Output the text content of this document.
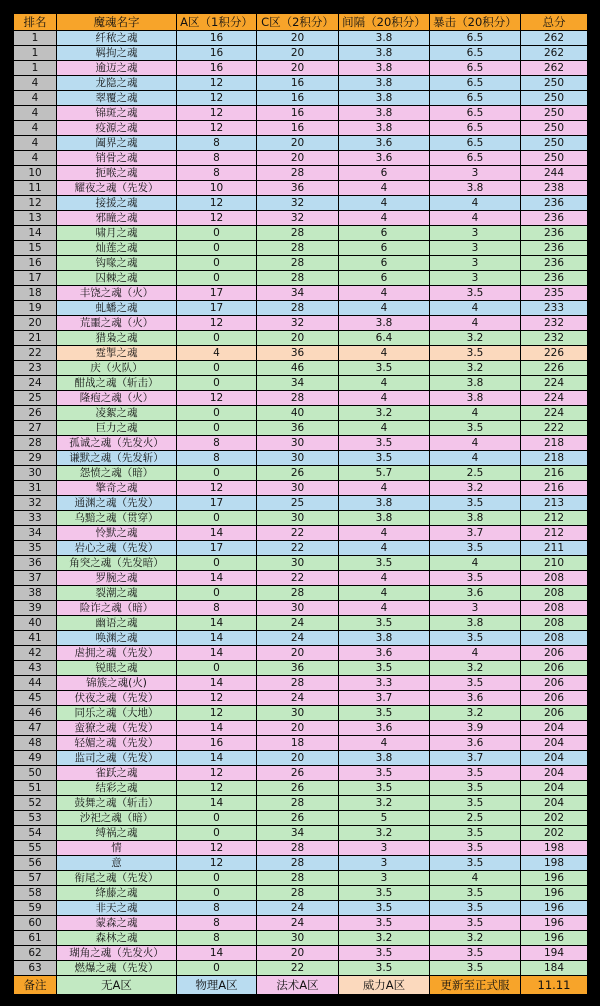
排名	魔魂名字	A区（1积分）	C区（2积分）	间隔（20积分）	暴击（20积分）	总分
1	纤秾之魂	16	20	3.8	6.5	262
1	羁拘之魂	16	20	3.8	6.5	262
1	逾迈之魂	16	20	3.8	6.5	262
4	龙隐之魂	12	16	3.8	6.5	250
4	翠覆之魂	12	16	3.8	6.5	250
4	锦斑之魂	12	16	3.8	6.5	250
4	疫源之魂	12	16	3.8	6.5	250
4	阖界之魂	8	20	3.6	6.5	250
4	销骨之魂	8	20	3.6	6.5	250
10	扼喉之魂	8	28	6	3	244
11	耀夜之魂（先发）	10	36	4	3.8	238
12	接援之魂	12	32	4	4	236
13	邪瞳之魂	12	32	4	4	236
14	啸月之魂	0	28	6	3	236
15	灿莲之魂	0	28	6	3	236
16	钩喙之魂	0	28	6	3	236
17	囚棘之魂	0	28	6	3	236
18	丰饶之魂（火）	17	34	4	3.5	235
19	虬蟠之魂	17	28	4	4	233
20	荒噩之魂（火）	12	32	3.8	4	232
21	猎枭之魂	0	20	6.4	3.2	232
22	霆掣之魂	4	36	4	3.5	226
23	庆（火队）	0	46	3.5	3.2	226
24	酣战之魂（斩击）	0	34	4	3.8	224
25	隆疱之魂（火）	12	28	4	3.8	224
26	凌絮之魂	0	40	3.2	4	224
27	巨力之魂	0	36	4	3.5	222
28	孤诚之魂（先发火）	8	30	3.5	4	218
29	谦默之魂（先发斩）	8	30	3.5	4	218
30	怨愤之魂（暗）	0	26	5.7	2.5	216
31	擎奇之魂	12	30	4	3.2	216
32	通渊之魂（先发）	17	25	3.8	3.5	213
33	乌黯之魂（贯穿）	0	30	3.8	3.8	212
34	怜默之魂	14	22	4	3.7	212
35	岩心之魂（先发）	17	22	4	3.5	211
36	角突之魂（先发暗）	0	30	3.5	4	210
37	罗腕之魂	14	22	4	3.5	208
38	裂潮之魂	0	28	4	3.6	208
39	险诈之魂（暗）	8	30	4	3	208
40	幽语之魂	14	24	3.5	3.8	208
41	唤渊之魂	14	24	3.8	3.5	208
42	虐拥之魂（先发）	14	20	3.6	4	206
43	锐眼之魂	0	36	3.5	3.2	206
44	锦簇之魂(火)	14	28	3.3	3.5	206
45	伏夜之魂（先发）	12	24	3.7	3.6	206
46	同乐之魂（大地）	12	30	3.5	3.2	206
47	蛮獠之魂（先发）	14	20	3.6	3.9	204
48	轻媚之魂（先发）	16	18	4	3.6	204
49	监司之魂（先发）	14	20	3.8	3.7	204
50	雀跃之魂	12	26	3.5	3.5	204
51	结彩之魂	12	26	3.5	3.5	204
52	鼓舞之魂（斩击）	14	28	3.2	3.5	204
53	沙祀之魂（暗）	0	26	5	2.5	202
54	缚祸之魂	0	34	3.2	3.5	202
55	情	12	28	3	3.5	198
56	意	12	28	3	3.5	198
57	衔尾之魂（先发）	0	28	3	4	196
58	绛藤之魂	0	28	3.5	3.5	196
59	非天之魂	8	24	3.5	3.5	196
60	蒙森之魂	8	24	3.5	3.5	196
61	森林之魂	8	30	3.2	3.2	196
62	瑚角之魂（先发火）	14	20	3.5	3.5	194
63	燃爆之魂（先发）	0	22	3.5	3.5	184
备注	无A区	物理A区	法术A区	威力A区	更新至正式服	11.11
